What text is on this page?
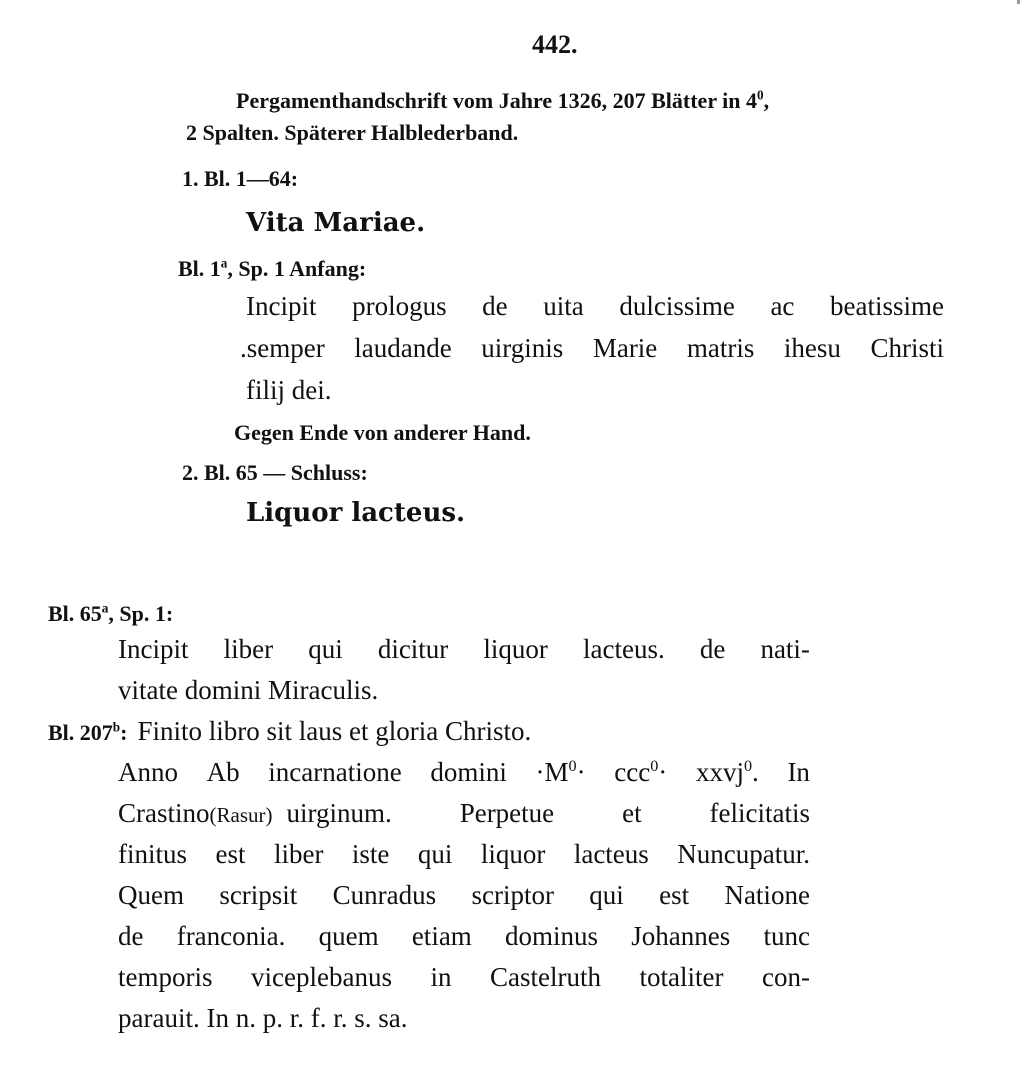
442.
Pergamenthandschrift vom Jahre 1326, 207 Blätter in $4^0$,
2 Spalten. Späterer Halblederband.
1. Bl. 1—64:
Vita Mariae.
Bl. 1$^a$, Sp. 1 Anfang:
Incipit prologus de uita dulcissime ac beatissime
.semper laudande uirginis Marie matris ihesu Christi
filij dei.
Gegen Ende von anderer Hand.
2. Bl. 65 — Schluss:
Liquor lacteus.
Bl. 65$^a$, Sp. 1:
Incipit liber qui dicitur liquor lacteus. de nati-
vitate domini Miraculis.
Bl. 207$^b$: Finito libro sit laus et gloria Christo.
Anno Ab incarnatione $domini \cdot M^0\cdot ccc^0\cdot$ xxvj$^0$. In
Crastino (Rasur) uirginum.	Perpetue	et	felicitatis
finitus est liber iste qui liquor lacteus Nuncupatur.
Quem scripsit Cunradus scriptor qui est Natione
de franconia. quem etiam dominus Johannes tunc
temporis viceplebanus in Castelruth totaliter con-
parauit. In n. p. r. f. r. s. sa.
